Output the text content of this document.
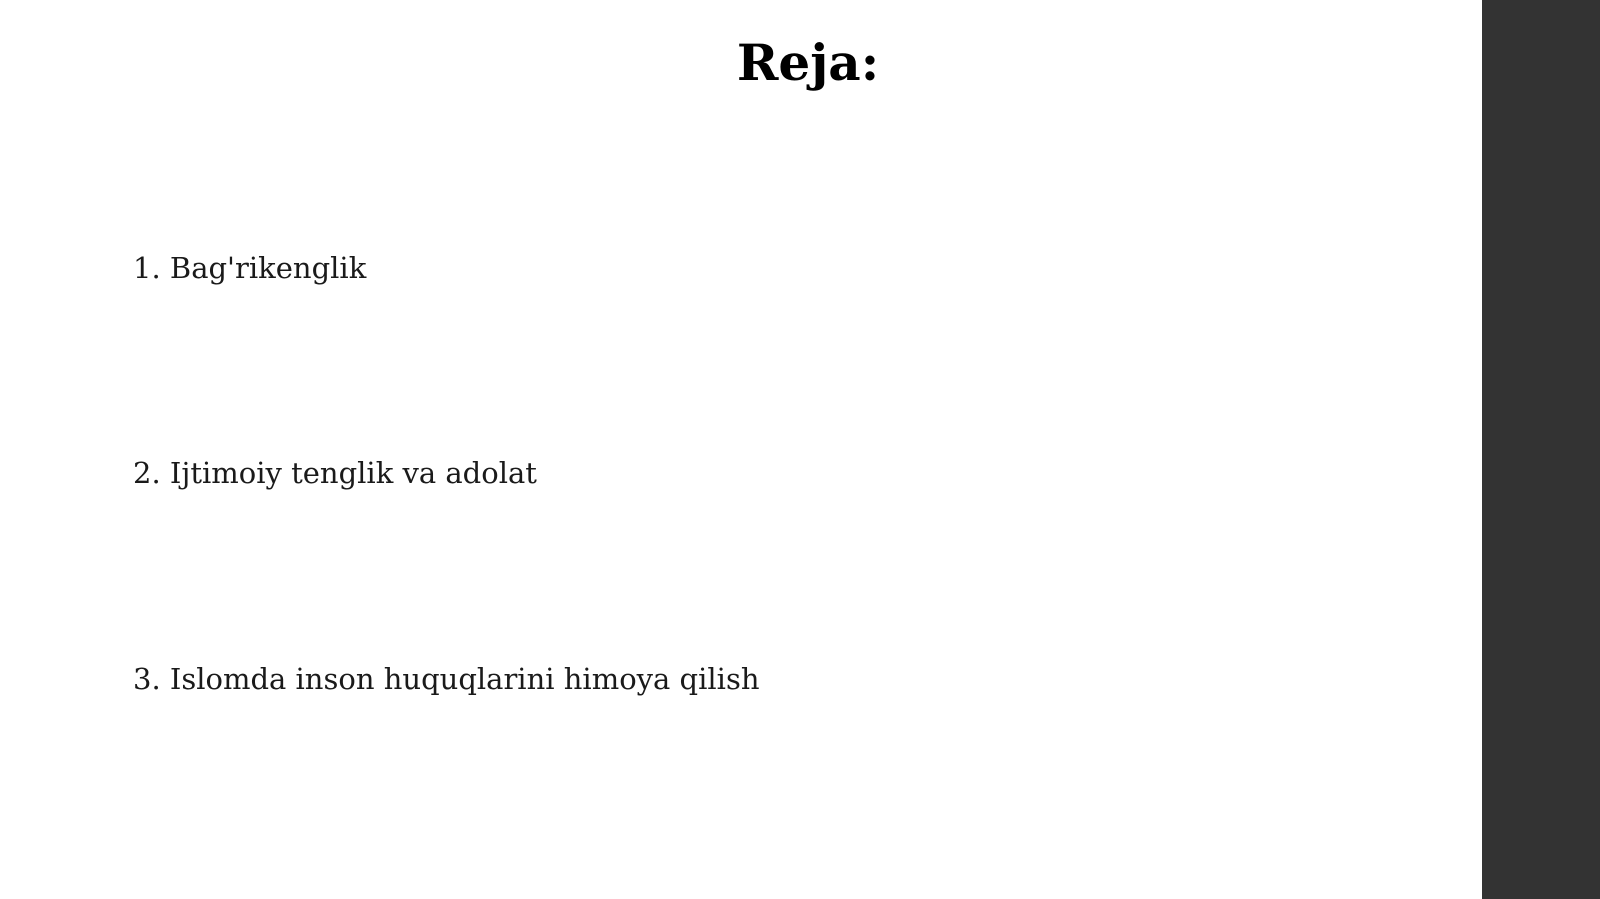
Reja:
1. Bag'rikenglik
2. Ijtimoiy tenglik va adolat
3. Islomda inson huquqlarini himoya qilish
